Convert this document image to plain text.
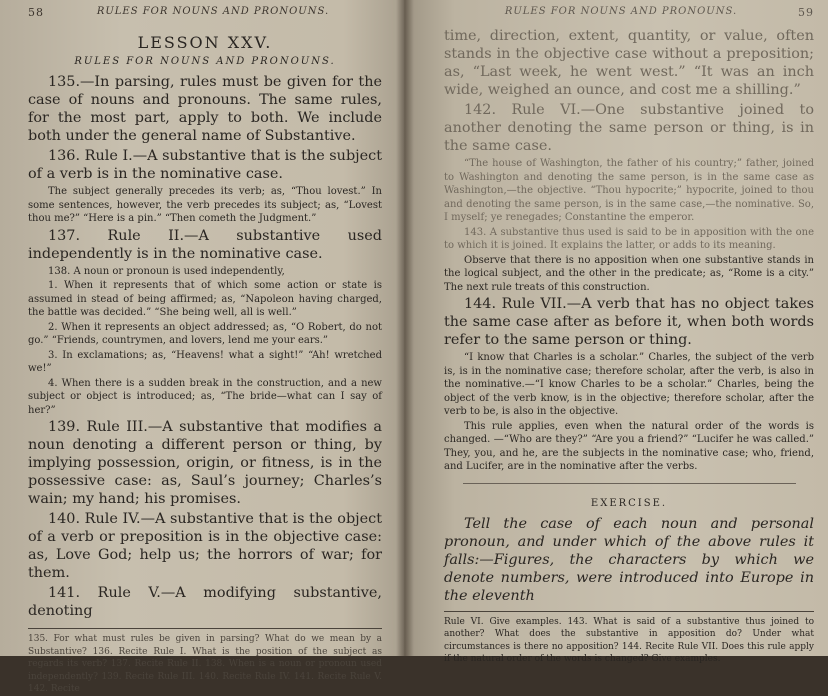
58	RULES FOR NOUNS AND PRONOUNS.
LESSON XXV.
RULES FOR NOUNS AND PRONOUNS.

135.—In parsing, rules must be given for the case of nouns and pronouns. The same rules, for the most part, apply to both. We include both under the general name of Substantive.

136. Rule I.—A substantive that is the subject of a verb is in the nominative case.

The subject generally precedes its verb; as, “Thou lovest.” In some sentences, however, the verb precedes its subject; as, “Lovest thou me?” “Here is a pin.” “Then cometh the Judgment.”

137. Rule II.—A substantive used independently is in the nominative case.

138. A noun or pronoun is used independently,

1. When it represents that of which some action or state is assumed in stead of being affirmed; as, “Napoleon having charged, the battle was decided.” “She being well, all is well.”

2. When it represents an object addressed; as, “O Robert, do not go.” “Friends, countrymen, and lovers, lend me your ears.”

3. In exclamations; as, “Heavens! what a sight!” “Ah! wretched we!”

4. When there is a sudden break in the construction, and a new subject or object is introduced; as, “The bride—what can I say of her?”

139. Rule III.—A substantive that modifies a noun denoting a different person or thing, by implying possession, origin, or fitness, is in the possessive case: as, Saul’s journey; Charles’s wain; my hand; his promises.

140. Rule IV.—A substantive that is the object of a verb or preposition is in the objective case: as, Love God; help us; the horrors of war; for them.

141. Rule V.—A modifying substantive, denoting

135. For what must rules be given in parsing? What do we mean by a Substantive? 136. Recite Rule I. What is the position of the subject as regards its verb? 137. Recite Rule II. 138. When is a noun or pronoun used independently? 139. Recite Rule III. 140. Recite Rule IV. 141. Recite Rule V. 142. Recite

RULES FOR NOUNS AND PRONOUNS.	59

time, direction, extent, quantity, or value, often stands in the objective case without a preposition; as, “Last week, he went west.” “It was an inch wide, weighed an ounce, and cost me a shilling.”

142. Rule VI.—One substantive joined to another denoting the same person or thing, is in the same case.

“The house of Washington, the father of his country;” father, joined to Washington and denoting the same person, is in the same case as Washington,—the objective. “Thou hypocrite;” hypocrite, joined to thou and denoting the same person, is in the same case,—the nominative. So, I myself; ye renegades; Constantine the emperor.

143. A substantive thus used is said to be in apposition with the one to which it is joined. It explains the latter, or adds to its meaning.

Observe that there is no apposition when one substantive stands in the logical subject, and the other in the predicate; as, “Rome is a city.” The next rule treats of this construction.

144. Rule VII.—A verb that has no object takes the same case after as before it, when both words refer to the same person or thing.

“I know that Charles is a scholar.” Charles, the subject of the verb is, is in the nominative case; therefore scholar, after the verb, is also in the nominative.—“I know Charles to be a scholar.” Charles, being the object of the verb know, is in the objective; therefore scholar, after the verb to be, is also in the objective.

This rule applies, even when the natural order of the words is changed. —“Who are they?” “Are you a friend?” “Lucifer he was called.” They, you, and he, are the subjects in the nominative case; who, friend, and Lucifer, are in the nominative after the verbs.

EXERCISE.

Tell the case of each noun and personal pronoun, and under which of the above rules it falls:—Figures, the characters by which we denote numbers, were introduced into Europe in the eleventh

Rule VI. Give examples. 143. What is said of a substantive thus joined to another? What does the substantive in apposition do? Under what circumstances is there no apposition? 144. Recite Rule VII. Does this rule apply if the natural order of the words is changed? Give examples.
